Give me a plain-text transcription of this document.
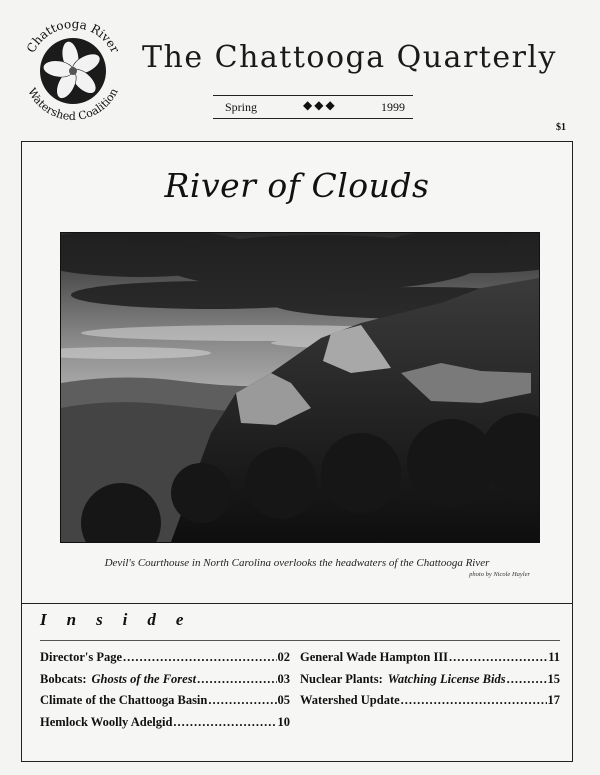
Chattooga River
Watershed Coalition
The Chattooga Quarterly
Spring	◆◆◆	1999
$1
River of Clouds
Devil's Courthouse in North Carolina overlooks the headwaters of the Chattooga River
photo by Nicole Hayler
Inside
Director's Page .....	02
Bobcats: Ghosts of the Forest .....	03
Climate of the Chattooga Basin .....	05
Hemlock Woolly Adelgid .....	10
General Wade Hampton III .....	11
Nuclear Plants: Watching License Bids .....	15
Watershed Update .....	17
